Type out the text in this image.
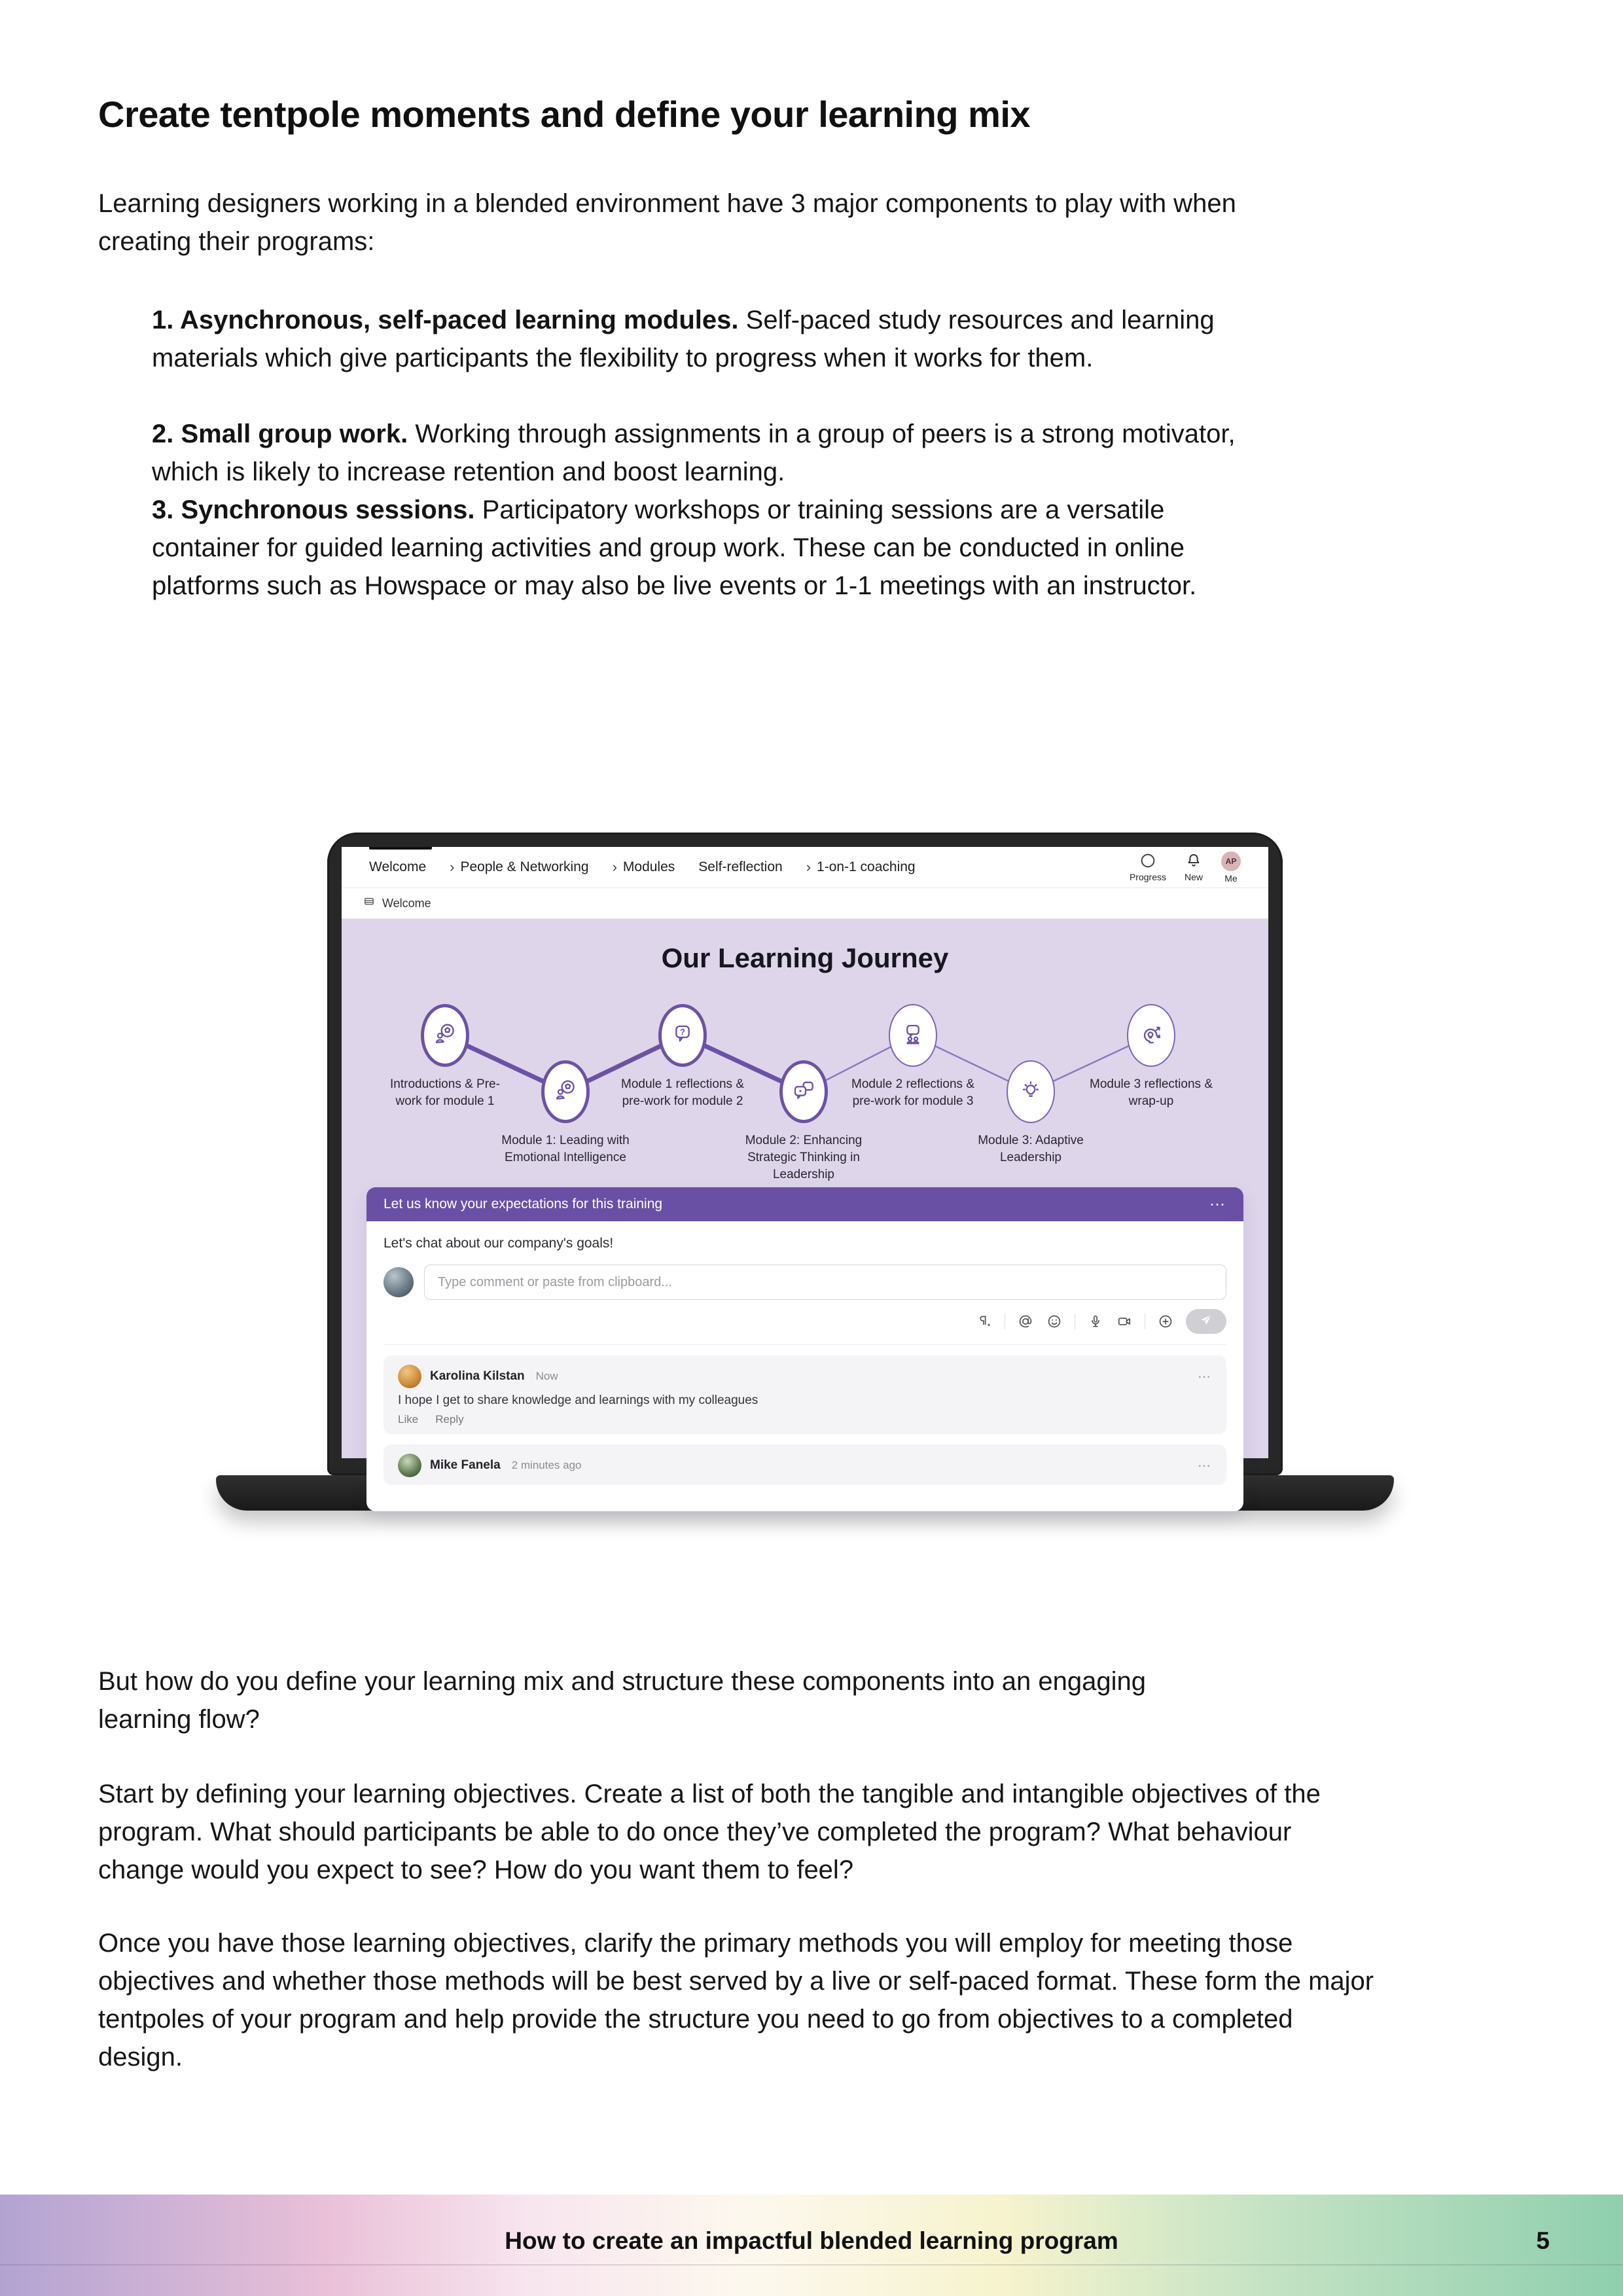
Create tentpole moments and define your learning mix
Learning designers working in a blended environment have 3 major components to play with when creating their programs:
1. Asynchronous, self-paced learning modules. Self-paced study resources and learning materials which give participants the flexibility to progress when it works for them.
2. Small group work. Working through assignments in a group of peers is a strong motivator, which is likely to increase retention and boost learning.
3. Synchronous sessions. Participatory workshops or training sessions are a versatile container for guided learning activities and group work. These can be conducted in online platforms such as Howspace or may also be live events or 1-1 meetings with an instructor.
Welcome › People & Networking › Modules Self-reflection › 1-on-1 coaching
Progress New
AP
Me
Welcome
Our Learning Journey
Introductions & Pre-work for module 1
Module 1: Leading with Emotional Intelligence
?
Module 1 reflections & pre-work for module 2
Module 2: Enhancing Strategic Thinking in Leadership
Module 2 reflections & pre-work for module 3
Module 3: Adaptive Leadership
Module 3 reflections & wrap-up
Let us know your expectations for this training	⋯
Let's chat about our company's goals!
Type comment or paste from clipboard...
Karolina Kilstan Now	⋯
I hope I get to share knowledge and learnings with my colleagues
Like Reply
Mike Fanela 2 minutes ago	⋯
But how do you define your learning mix and structure these components into an engaging learning flow?
Start by defining your learning objectives. Create a list of both the tangible and intangible objectives of the program. What should participants be able to do once they’ve completed the program? What behaviour change would you expect to see? How do you want them to feel?
Once you have those learning objectives, clarify the primary methods you will employ for meeting those objectives and whether those methods will be best served by a live or self-paced format. These form the major tentpoles of your program and help provide the structure you need to go from objectives to a completed design.
How to create an impactful blended learning program	5
